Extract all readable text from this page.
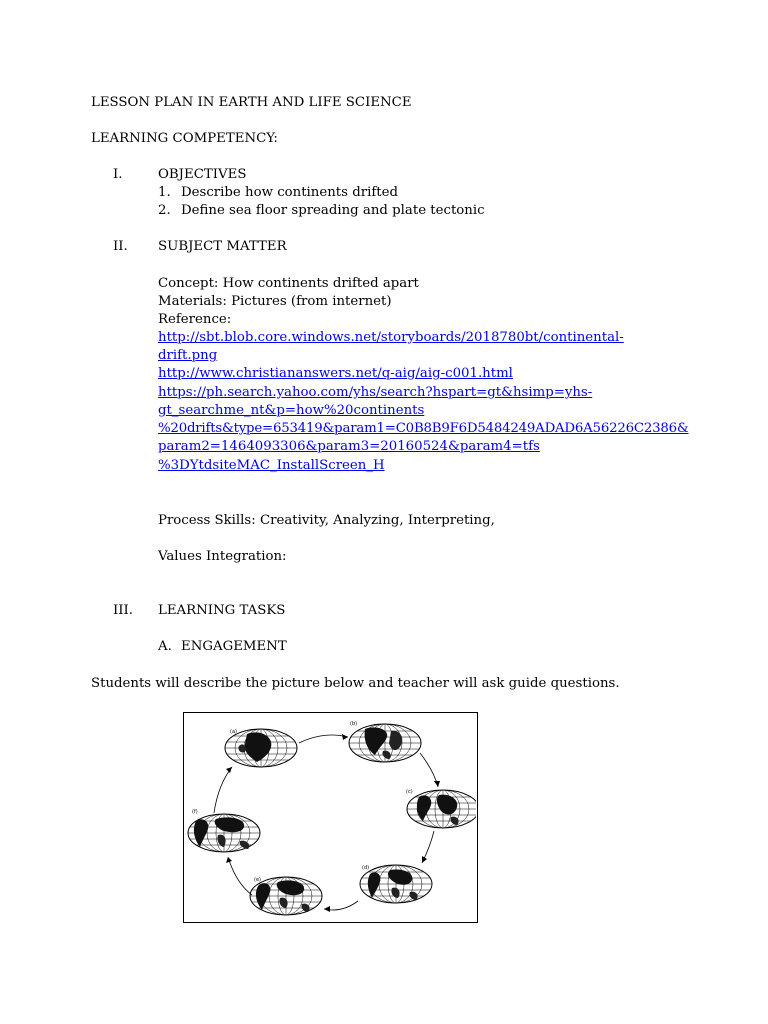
LESSON PLAN IN EARTH AND LIFE SCIENCE
LEARNING COMPETENCY:
I.	OBJECTIVES
1. Describe how continents drifted
2. Define sea floor spreading and plate tectonic
II. SUBJECT MATTER
Concept: How continents drifted apart
Materials: Pictures (from internet)
Reference:
http://sbt.blob.core.windows.net/storyboards/2018780bt/continental-
drift.png
http://www.christiananswers.net/q-aig/aig-c001.html
https://ph.search.yahoo.com/yhs/search?hspart=gt&hsimp=yhs-
gt_searchme_nt&p=how%20continents
%20drifts&type=653419&param1=C0B8B9F6D5484249ADAD6A56226C2386&
param2=1464093306&param3=20160524&param4=tfs
%3DYtdsiteMAC_InstallScreen_H
Process Skills: Creativity, Analyzing, Interpreting,
Values Integration:
III. LEARNING TASKS
A. ENGAGEMENT
Students will describe the picture below and teacher will ask guide questions.
(a)
(b)
(c)
(d)
(e)
(f)
